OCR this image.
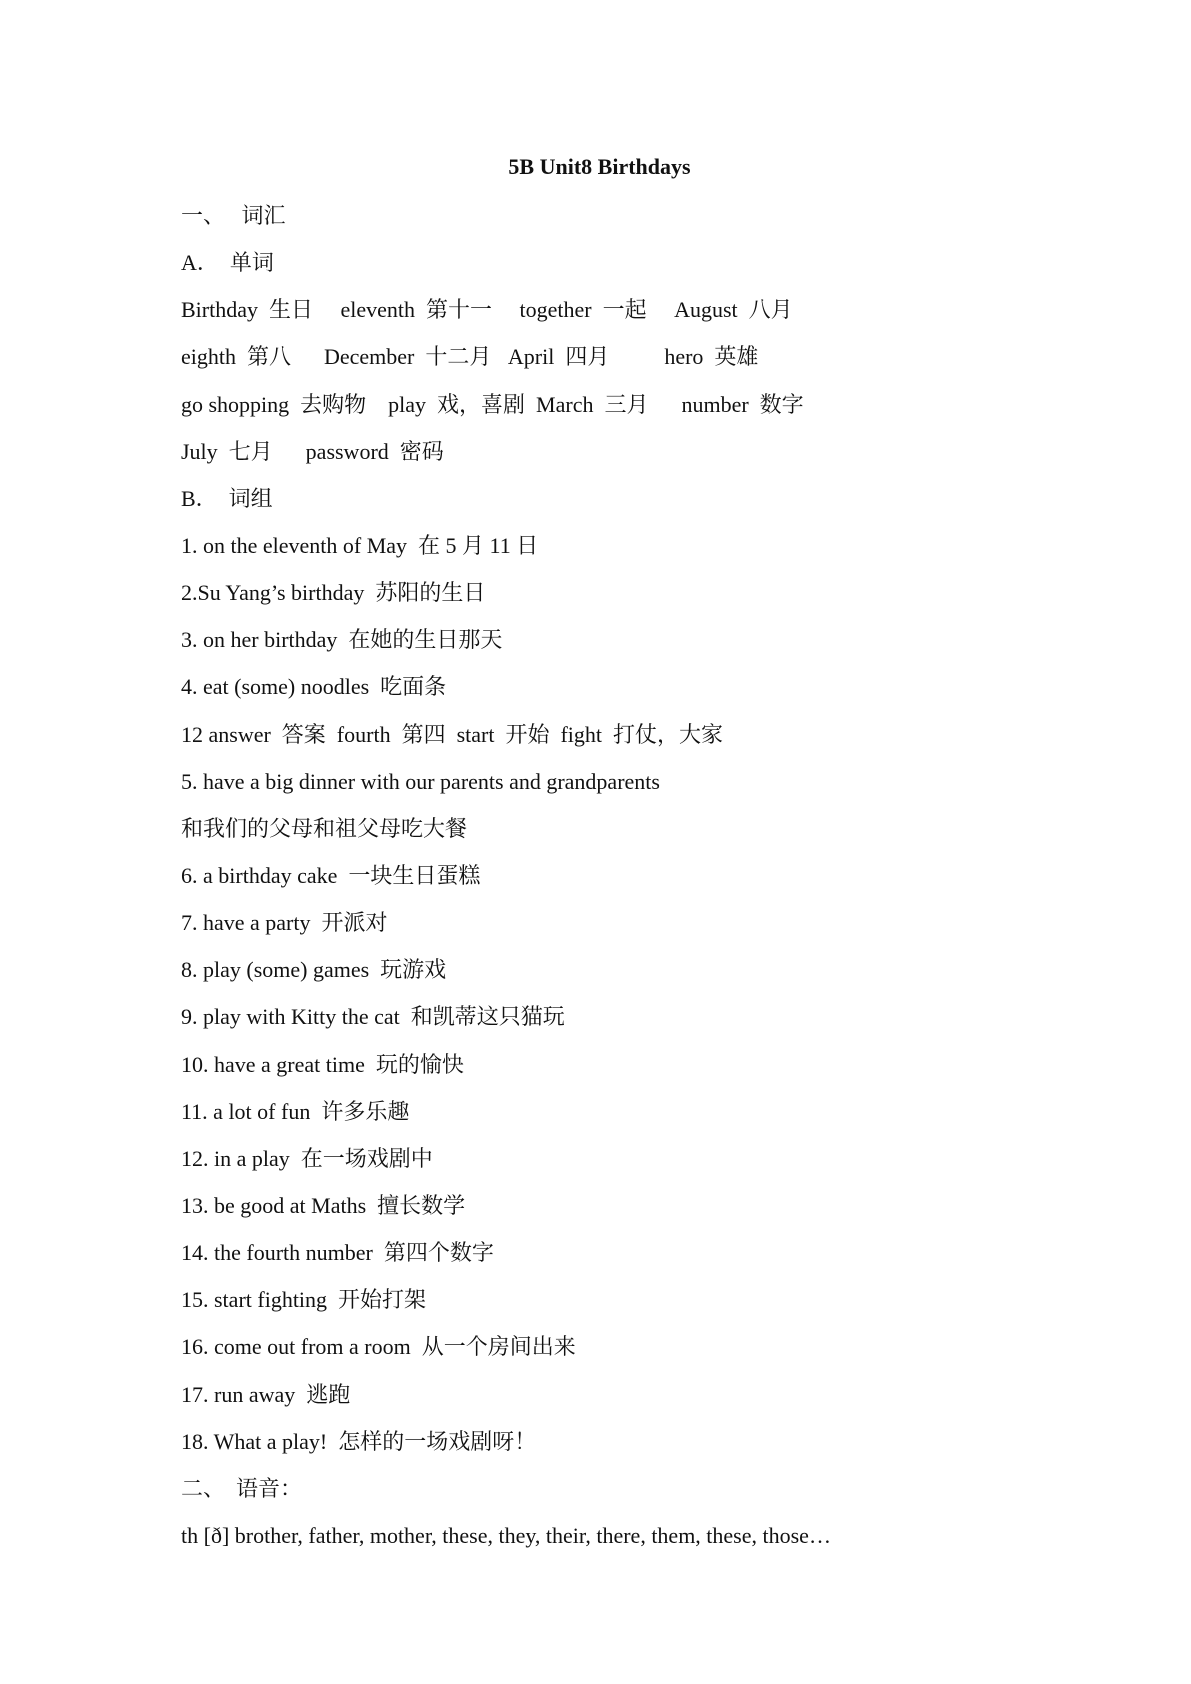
5B Unit8 Birthdays
一、   词汇
A．  单词
Birthday  生日     eleventh  第十一     together  一起     August  八月
eighth  第八      December  十二月   April  四月          hero  英雄
go shopping  去购物    play  戏，喜剧  March  三月      number  数字
July  七月      password  密码
B．  词组
1. on the eleventh of May  在 5 月 11 日
2.Su Yang’s birthday  苏阳的生日
3. on her birthday  在她的生日那天
4. eat (some) noodles  吃面条
12 answer  答案  fourth  第四  start  开始  fight  打仗，大家
5. have a big dinner with our parents and grandparents
和我们的父母和祖父母吃大餐
6. a birthday cake  一块生日蛋糕
7. have a party  开派对
8. play (some) games  玩游戏
9. play with Kitty the cat  和凯蒂这只猫玩
10. have a great time  玩的愉快
11. a lot of fun  许多乐趣
12. in a play  在一场戏剧中
13. be good at Maths  擅长数学
14. the fourth number  第四个数字
15. start fighting  开始打架
16. come out from a room  从一个房间出来
17. run away  逃跑
18. What a play!  怎样的一场戏剧呀！
二、  语音：
th [ð] brother, father, mother, these, they, their, there, them, these, those…
